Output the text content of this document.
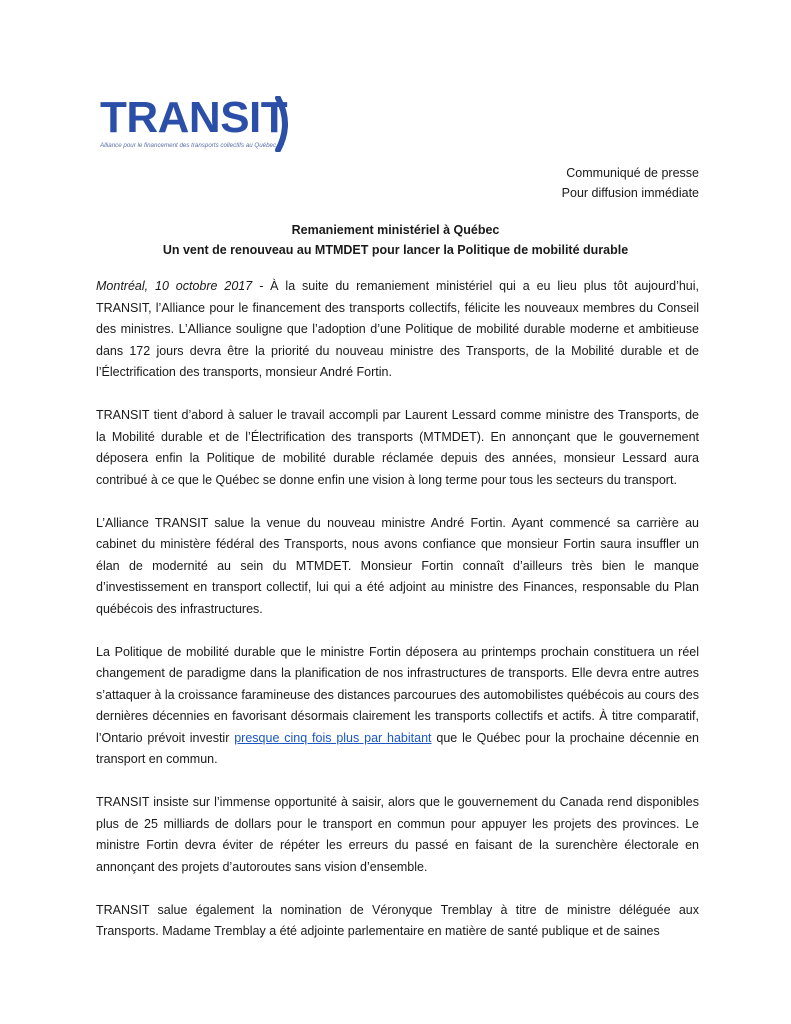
TRANSIT
Alliance pour le financement des transports collectifs au Québec
Communiqué de presse
Pour diffusion immédiate
Remaniement ministériel à Québec
Un vent de renouveau au MTMDET pour lancer la Politique de mobilité durable

Montréal, 10 octobre 2017 - À la suite du remaniement ministériel qui a eu lieu plus tôt aujourd’hui, TRANSIT, l’Alliance pour le financement des transports collectifs, félicite les nouveaux membres du Conseil des ministres. L’Alliance souligne que l’adoption d’une Politique de mobilité durable moderne et ambitieuse dans 172 jours devra être la priorité du nouveau ministre des Transports, de la Mobilité durable et de l’Électrification des transports, monsieur André Fortin.

TRANSIT tient d’abord à saluer le travail accompli par Laurent Lessard comme ministre des Transports, de la Mobilité durable et de l’Électrification des transports (MTMDET). En annonçant que le gouvernement déposera enfin la Politique de mobilité durable réclamée depuis des années, monsieur Lessard aura contribué à ce que le Québec se donne enfin une vision à long terme pour tous les secteurs du transport.

L’Alliance TRANSIT salue la venue du nouveau ministre André Fortin. Ayant commencé sa carrière au cabinet du ministère fédéral des Transports, nous avons confiance que monsieur Fortin saura insuffler un élan de modernité au sein du MTMDET. Monsieur Fortin connaît d’ailleurs très bien le manque d’investissement en transport collectif, lui qui a été adjoint au ministre des Finances, responsable du Plan québécois des infrastructures.

La Politique de mobilité durable que le ministre Fortin déposera au printemps prochain constituera un réel changement de paradigme dans la planification de nos infrastructures de transports. Elle devra entre autres s’attaquer à la croissance faramineuse des distances parcourues des automobilistes québécois au cours des dernières décennies en favorisant désormais clairement les transports collectifs et actifs. À titre comparatif, l’Ontario prévoit investir presque cinq fois plus par habitant que le Québec pour la prochaine décennie en transport en commun.

TRANSIT insiste sur l’immense opportunité à saisir, alors que le gouvernement du Canada rend disponibles plus de 25 milliards de dollars pour le transport en commun pour appuyer les projets des provinces. Le ministre Fortin devra éviter de répéter les erreurs du passé en faisant de la surenchère électorale en annonçant des projets d’autoroutes sans vision d’ensemble.

TRANSIT salue également la nomination de Véronyque Tremblay à titre de ministre déléguée aux Transports. Madame Tremblay a été adjointe parlementaire en matière de santé publique et de saines
